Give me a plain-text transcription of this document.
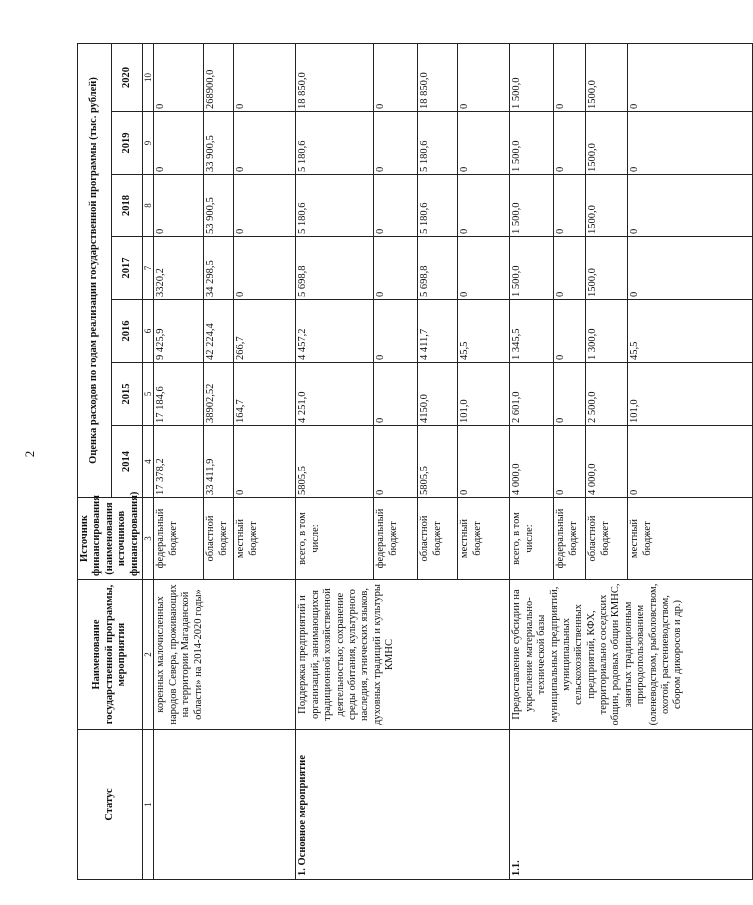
2
Статус	Наименование государственной программы, мероприятия	Источник финансирования (наименования источников финансирования)	Оценка расходов по годам реализации государственной программы (тыс. рублей)						
			2014	2015	2016	2017	2018	2019	2020
1	2	3	4	5	6	7	8	9	10
	коренных малочисленных народов Севера, проживающих на территории Магаданской области» на 2014-2020 годы»	федеральный бюджет	17 378,2	17 184,6	9 425,9	3320,2	0	0	0
		областной бюджет	33 411,9	38902,52	42 224,4	34 298,5	53 900,5	33 900,5	268900,0
		местный бюджет	0	164,7	266,7	0	0	0	0
1. Основное мероприятие	Поддержка предприятий и организаций, занимающихся традиционной хозяйственной деятельностью; сохранение среды обитания, культурного наследия, этнических языков, духовных традиций и культуры КМНС	всего, в том числе:	5805,5	4 251,0	4 457,2	5 698,8	5 180,6	5 180,6	18 850,0
		федеральный бюджет	0	0	0	0	0	0	0
		областной бюджет	5805,5	4150,0	4 411,7	5 698,8	5 180,6	5 180,6	18 850,0
		местный бюджет	0	101,0	45,5	0	0	0	0
1.1.	Предоставление субсидии на укрепление материально-технической базы муниципальных предприятий, муниципальных сельскохозяйственных предприятий, КФХ, территориально соседских общин, родовых общин КМНС, занятых традиционным природопользованием (оленеводством, рыболовством, охотой, растениеводством, сбором дикоросов и др.)	всего, в том числе:	4 000,0	2 601,0	1 345,5	1 500,0	1 500,0	1 500,0	1 500,0
		федеральный бюджет	0	0	0	0	0	0	0
		областной бюджет	4 000,0	2 500,0	1 300,0	1500,0	1500,0	1500,0	1500,0
		местный бюджет	0	101,0	45,5	0	0	0	0
